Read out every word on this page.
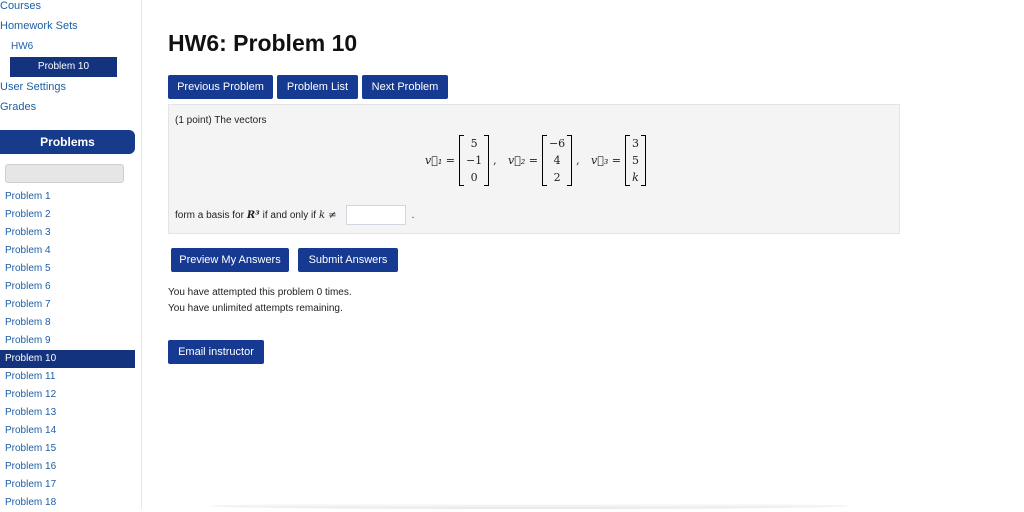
Courses
Homework Sets
HW6
Problem 10
User Settings
Grades
Problems
Problem 1
Problem 2
Problem 3
Problem 4
Problem 5
Problem 6
Problem 7
Problem 8
Problem 9
Problem 10
Problem 11
Problem 12
Problem 13
Problem 14
Problem 15
Problem 16
Problem 17
Problem 18
HW6: Problem 10
Previous Problem	Problem List	Next Problem
(1 point) The vectors
v⃗₁ =
5
−1
0
, v⃗₂ =
−6
4
2
, v⃗₃ =
3
5
k
form a basis for R³ if and only if k ≠	.
Preview My Answers	Submit Answers
You have attempted this problem 0 times.
You have unlimited attempts remaining.
Email instructor
